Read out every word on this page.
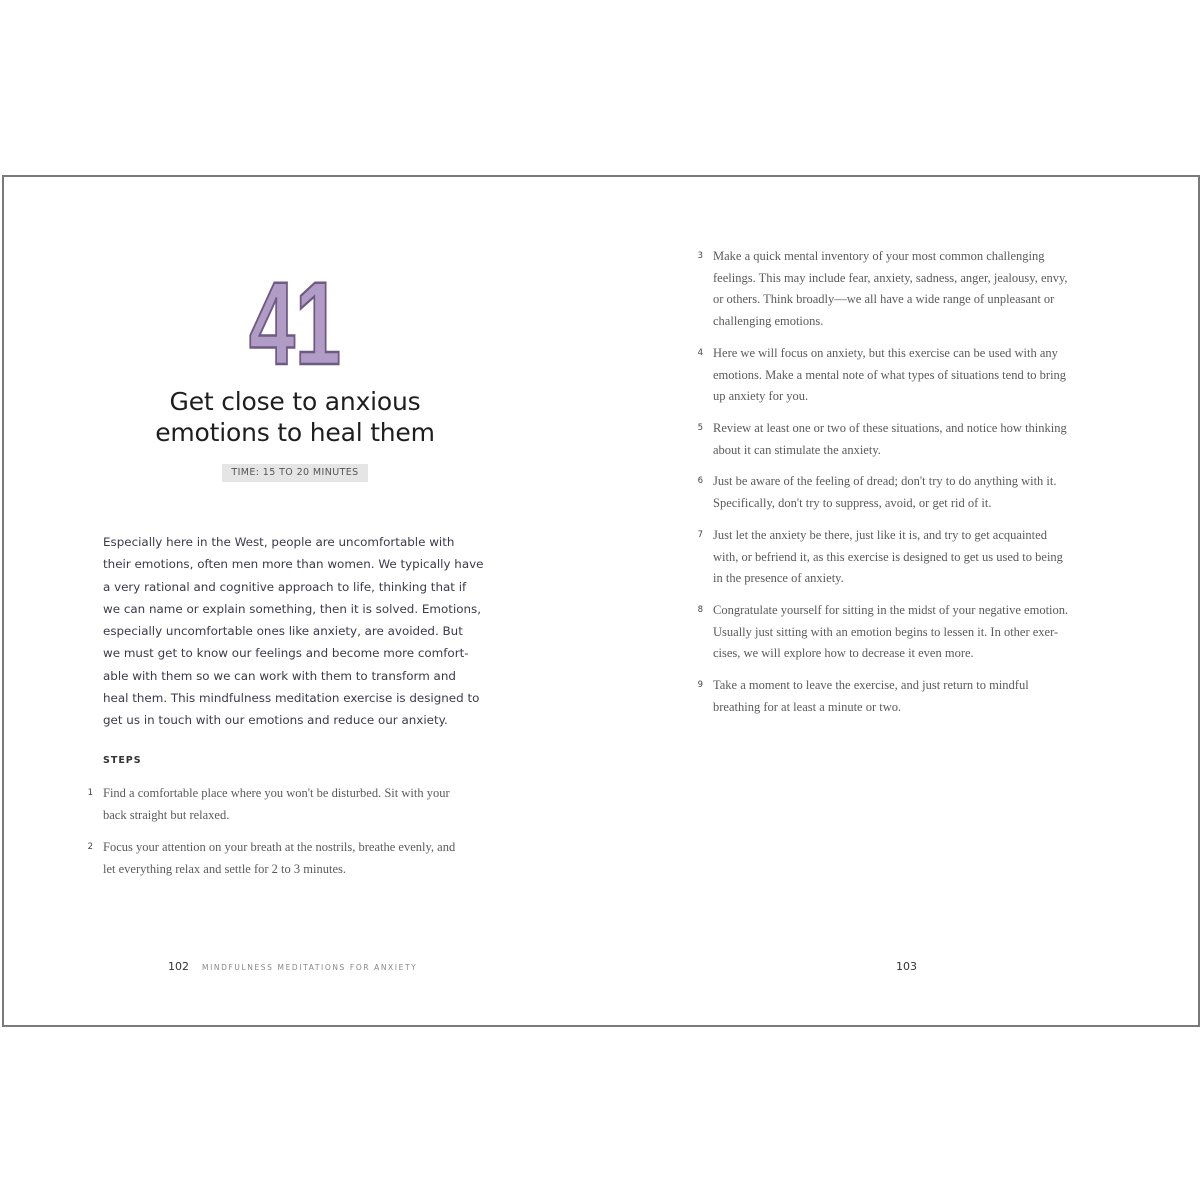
41
Get close to anxious
emotions to heal them
TIME: 15 TO 20 MINUTES

Especially here in the West, people are uncomfortable with
their emotions, often men more than women. We typically have
a very rational and cognitive approach to life, thinking that if
we can name or explain something, then it is solved. Emotions,
especially uncomfortable ones like anxiety, are avoided. But
we must get to know our feelings and become more comfort-
able with them so we can work with them to transform and
heal them. This mindfulness meditation exercise is designed to
get us in touch with our emotions and reduce our anxiety.

STEPS
1 Find a comfortable place where you won't be disturbed. Sit with your
back straight but relaxed.
2 Focus your attention on your breath at the nostrils, breathe evenly, and
let everything relax and settle for 2 to 3 minutes.
3 Make a quick mental inventory of your most common challenging
feelings. This may include fear, anxiety, sadness, anger, jealousy, envy,
or others. Think broadly—we all have a wide range of unpleasant or
challenging emotions.
4 Here we will focus on anxiety, but this exercise can be used with any
emotions. Make a mental note of what types of situations tend to bring
up anxiety for you.
5 Review at least one or two of these situations, and notice how thinking
about it can stimulate the anxiety.
6 Just be aware of the feeling of dread; don't try to do anything with it.
Specifically, don't try to suppress, avoid, or get rid of it.
7 Just let the anxiety be there, just like it is, and try to get acquainted
with, or befriend it, as this exercise is designed to get us used to being
in the presence of anxiety.
8 Congratulate yourself for sitting in the midst of your negative emotion.
Usually just sitting with an emotion begins to lessen it. In other exer-
cises, we will explore how to decrease it even more.
9 Take a moment to leave the exercise, and just return to mindful
breathing for at least a minute or two.
102 MINDFULNESS MEDITATIONS FOR ANXIETY	103
